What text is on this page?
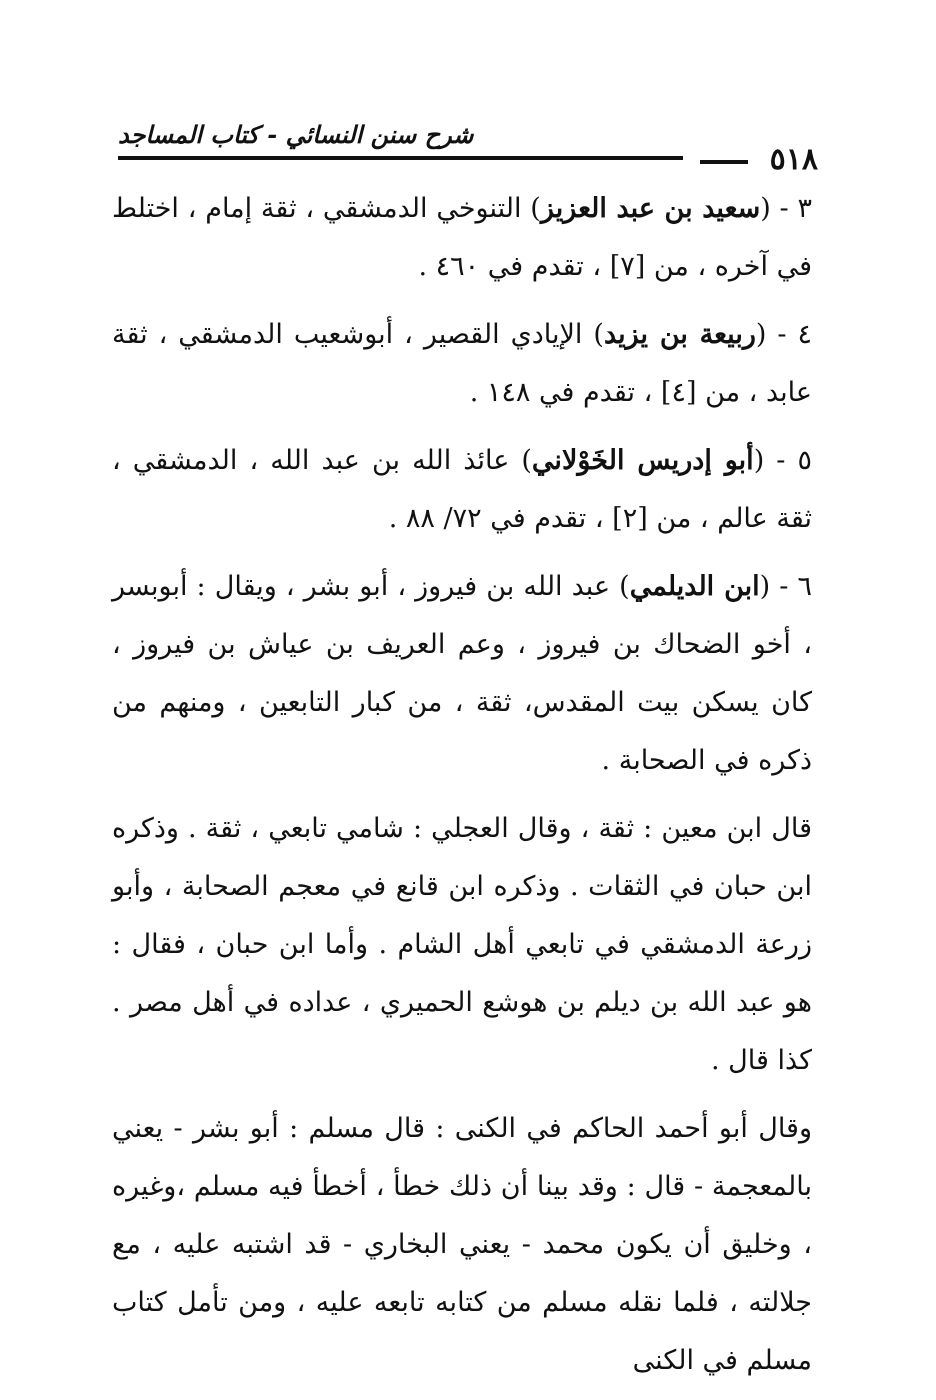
٥١٨
شرح سنن النسائي - كتاب المساجد

٣ - (سعيد بن عبد العزيز) التنوخي الدمشقي ، ثقة إمام ، اختلط في آخره ، من [٧] ، تقدم في ٤٦٠ .

٤ - (ربيعة بن يزيد) الإيادي القصير ، أبوشعيب الدمشقي ، ثقة عابد ، من [٤] ، تقدم في ١٤٨ .

٥ - (أبو إدريس الخَوْلاني) عائذ الله بن عبد الله ، الدمشقي ، ثقة عالم ، من [٢] ، تقدم في ٧٢/ ٨٨ .

٦ - (ابن الديلمي) عبد الله بن فيروز ، أبو بشر ، ويقال : أبوبسر ، أخو الضحاك بن فيروز ، وعم العريف بن عياش بن فيروز ، كان يسكن بيت المقدس، ثقة ، من كبار التابعين ، ومنهم من ذكره في الصحابة .

قال ابن معين : ثقة ، وقال العجلي : شامي تابعي ، ثقة . وذكره ابن حبان في الثقات . وذكره ابن قانع في معجم الصحابة ، وأبو زرعة الدمشقي في تابعي أهل الشام . وأما ابن حبان ، فقال : هو عبد الله بن ديلم بن هوشع الحميري ، عداده في أهل مصر . كذا قال .

وقال أبو أحمد الحاكم في الكنى : قال مسلم : أبو بشر - يعني بالمعجمة - قال : وقد بينا أن ذلك خطأ ، أخطأ فيه مسلم ،وغيره ، وخليق أن يكون محمد - يعني البخاري - قد اشتبه عليه ، مع جلالته ، فلما نقله مسلم من كتابه تابعه عليه ، ومن تأمل كتاب مسلم في الكنى
